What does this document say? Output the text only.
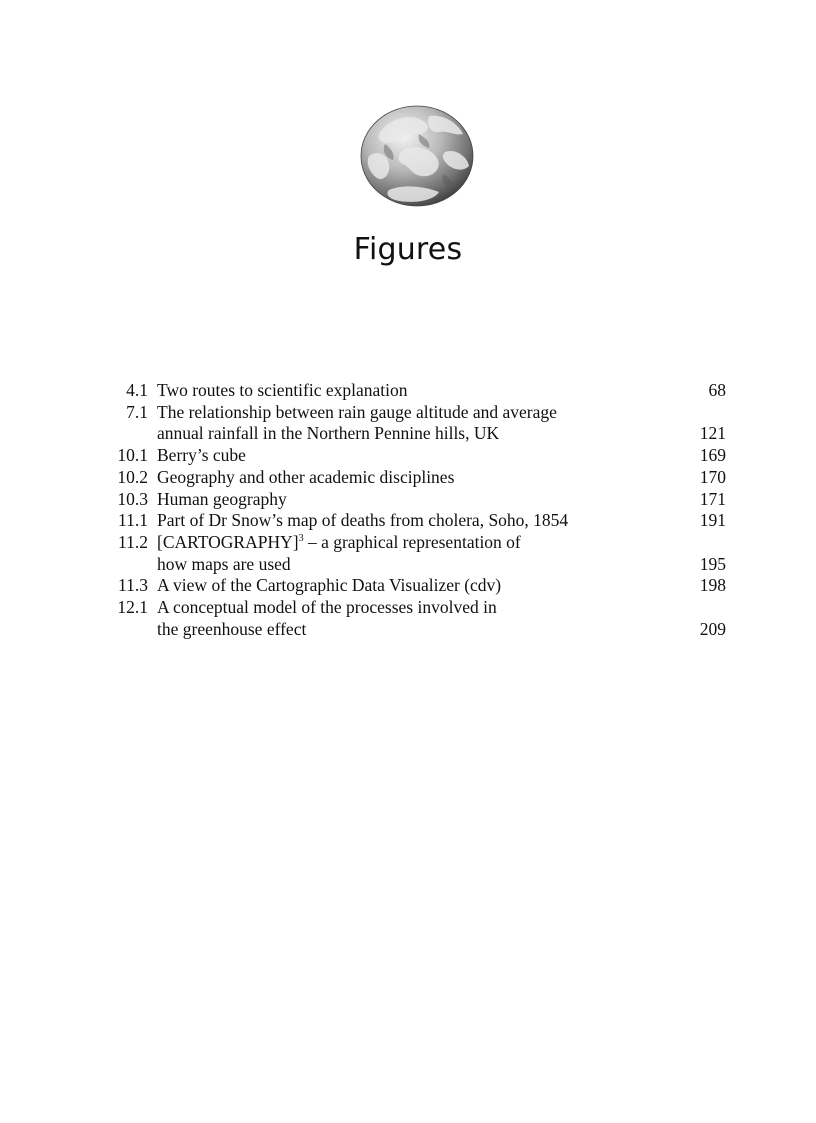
Figures
4.1 Two routes to scientific explanation	68
7.1 The relationship between rain gauge altitude and average
annual rainfall in the Northern Pennine hills, UK	121
10.1 Berry’s cube	169
10.2 Geography and other academic disciplines	170
10.3 Human geography	171
11.1 Part of Dr Snow’s map of deaths from cholera, Soho, 1854	191
11.2 [CARTOGRAPHY]$^3$ – a graphical representation of
how maps are used	195
11.3 A view of the Cartographic Data Visualizer (cdv)	198
12.1 A conceptual model of the processes involved in
the greenhouse effect	209
